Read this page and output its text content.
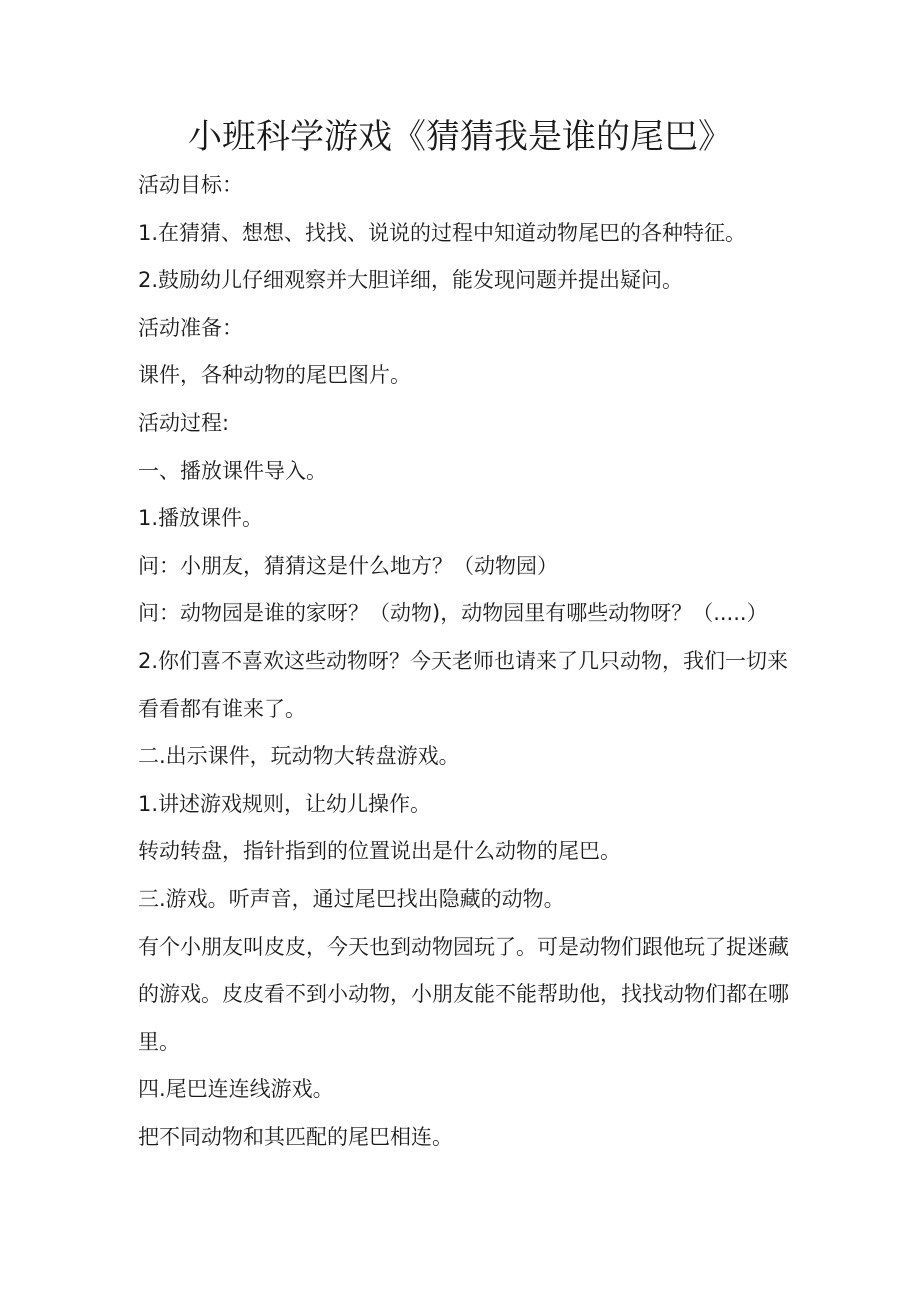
小班科学游戏《猜猜我是谁的尾巴》

活动目标：

1.在猜猜、想想、找找、说说的过程中知道动物尾巴的各种特征。

2.鼓励幼儿仔细观察并大胆详细，能发现问题并提出疑问。

活动准备：

课件，各种动物的尾巴图片。

活动过程:

一、播放课件导入。

1.播放课件。

问：小朋友，猜猜这是什么地方？（动物园）

问：动物园是谁的家呀？（动物)，动物园里有哪些动物呀？（.....）

2.你们喜不喜欢这些动物呀？今天老师也请来了几只动物，我们一切来看看都有谁来了。

二.出示课件，玩动物大转盘游戏。

1.讲述游戏规则，让幼儿操作。

转动转盘，指针指到的位置说出是什么动物的尾巴。

三.游戏。听声音，通过尾巴找出隐藏的动物。

有个小朋友叫皮皮，今天也到动物园玩了。可是动物们跟他玩了捉迷藏的游戏。皮皮看不到小动物，小朋友能不能帮助他，找找动物们都在哪里。

四.尾巴连连线游戏。

把不同动物和其匹配的尾巴相连。
